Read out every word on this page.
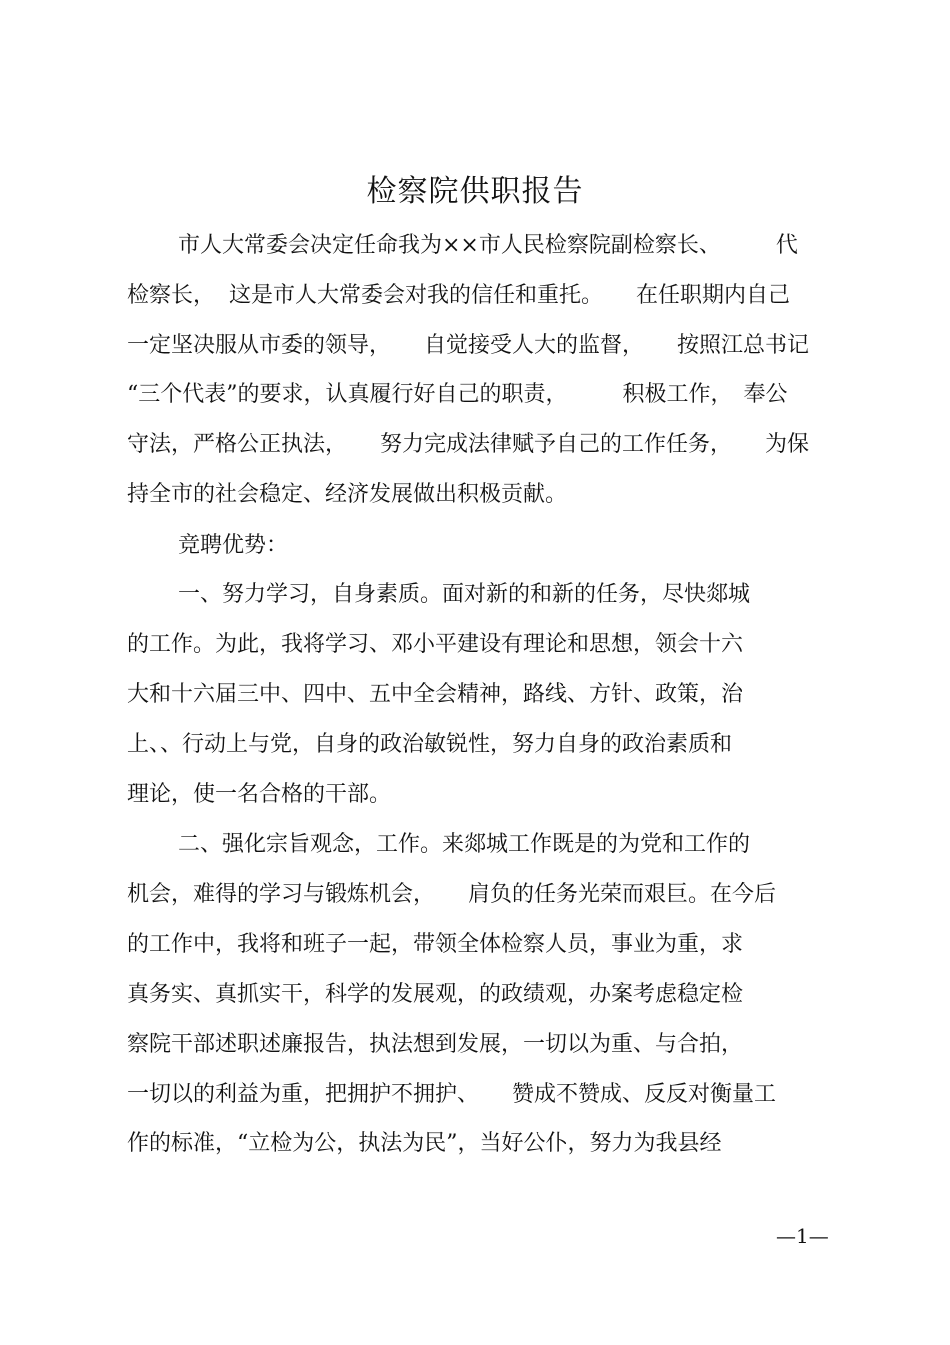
检察院供职报告
市人大常委会决定任命我为××市人民检察院副检察长、　　　代
检察长，  这是市人大常委会对我的信任和重托。　　在任职期内自己
一定坚决服从市委的领导，　　自觉接受人大的监督，　　按照江总书记
“三个代表”的要求，认真履行好自己的职责，　　　积极工作，　奉公
守法，严格公正执法，　　努力完成法律赋予自己的工作任务，　　为保
持全市的社会稳定、经济发展做出积极贡献。
竞聘优势：
一、努力学习，自身素质。面对新的和新的任务，尽快郯城
的工作。为此，我将学习、邓小平建设有理论和思想，领会十六
大和十六届三中、四中、五中全会精神，路线、方针、政策，治
上、、行动上与党，自身的政治敏锐性，努力自身的政治素质和
理论，使一名合格的干部。
二、强化宗旨观念，工作。来郯城工作既是的为党和工作的
机会，难得的学习与锻炼机会，　　肩负的任务光荣而艰巨。在今后
的工作中，我将和班子一起，带领全体检察人员，事业为重，求
真务实、真抓实干，科学的发展观，的政绩观，办案考虑稳定检
察院干部述职述廉报告，执法想到发展，一切以为重、与合拍，
一切以的利益为重，把拥护不拥护、　　赞成不赞成、反反对衡量工
作的标准，“立检为公，执法为民”，当好公仆，努力为我县经
—1—
